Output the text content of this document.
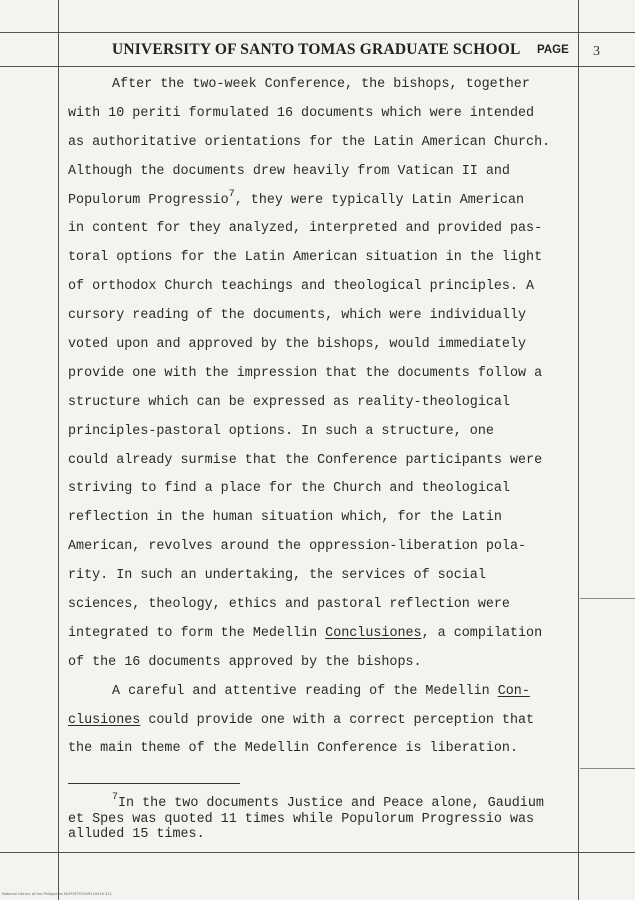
UNIVERSITY OF SANTO TOMAS GRADUATE SCHOOL PAGE 3
After the two-week Conference, the bishops, together
with 10 periti formulated 16 documents which were intended
as authoritative orientations for the Latin American Church.
Although the documents drew heavily from Vatican II and
Populorum Progressio$^7$, they were typically Latin American
in content for they analyzed, interpreted and provided pas-
toral options for the Latin American situation in the light
of orthodox Church teachings and theological principles. A
cursory reading of the documents, which were individually
voted upon and approved by the bishops, would immediately
provide one with the impression that the documents follow a
structure which can be expressed as reality-theological
principles-pastoral options. In such a structure, one
could already surmise that the Conference participants were
striving to find a place for the Church and theological
reflection in the human situation which, for the Latin
American, revolves around the oppression-liberation pola-
rity. In such an undertaking, the services of social
sciences, theology, ethics and pastoral reflection were
integrated to form the Medellin Conclusiones, a compilation
of the 16 documents approved by the bishops.
A careful and attentive reading of the Medellin Con-
clusiones could provide one with a correct perception that
the main theme of the Medellin Conference is liberation.
$^7$In the two documents Justice and Peace alone, Gaudium
et Spes was quoted 11 times while Populorum Progressio was
alluded 15 times.
National Library of the Philippines NLPCMTS7049110016 311
